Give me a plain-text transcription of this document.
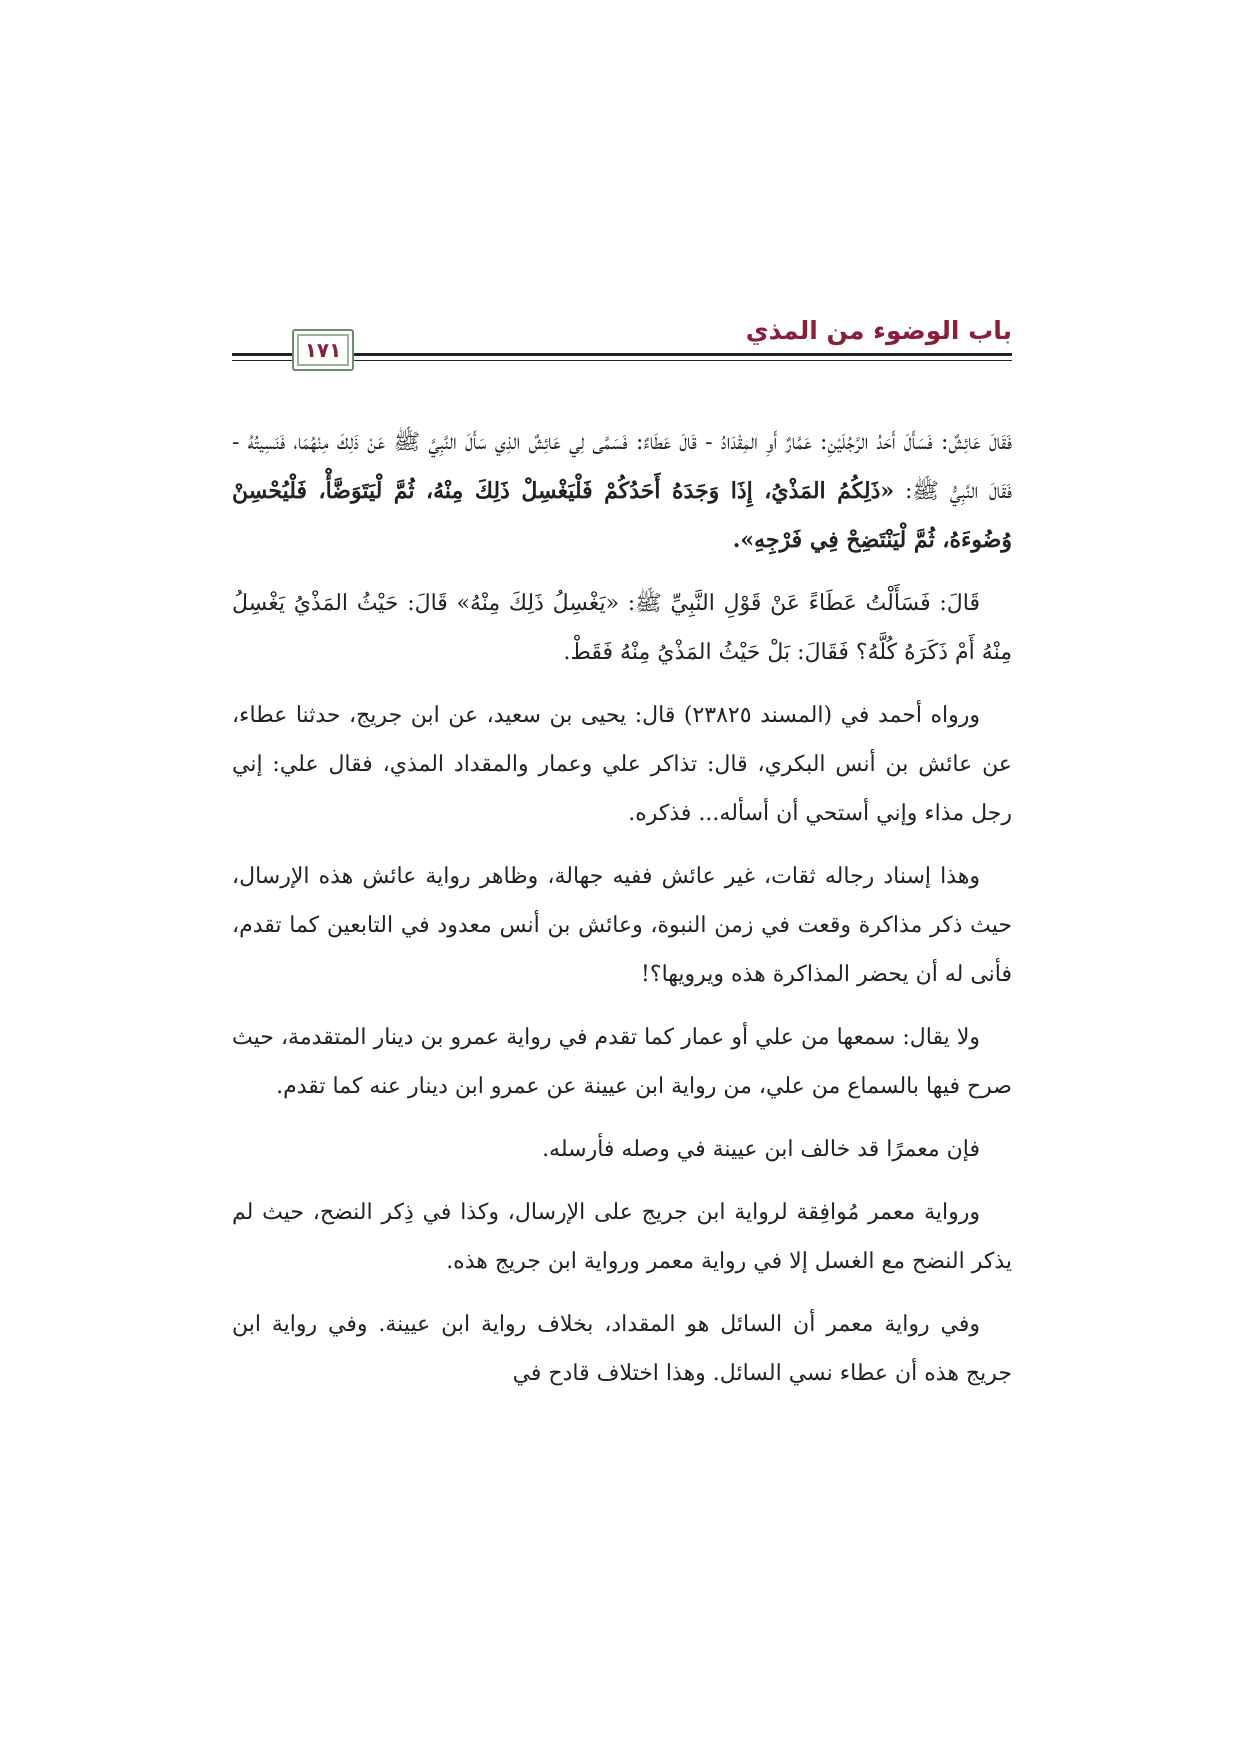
باب الوضوء من المذي
١٧١

فَقَالَ عَائِشٌ: فَسَأَلَ أَحَدُ الرَّجُلَيْنِ: عَمَّارٌ أَوِ المِقْدَادُ - قَالَ عَطَاءٌ: فَسَمَّى لِي عَائِشٌ الذِي سَأَلَ النَّبِيَّ ﷺ عَنْ ذَلِكَ مِنْهُمَا، فَنَسِيتُهُ - فَقَالَ النَّبِيُّ ﷺ: «ذَلِكُمُ المَذْيُ، إِذَا وَجَدَهُ أَحَدُكُمْ فَلْيَغْسِلْ ذَلِكَ مِنْهُ، ثُمَّ لْيَتَوَضَّأْ، فَلْيُحْسِنْ وُضُوءَهُ، ثُمَّ لْيَنْتَضِحْ فِي فَرْجِهِ».

قَالَ: فَسَأَلْتُ عَطَاءً عَنْ قَوْلِ النَّبِيِّ ﷺ: «يَغْسِلُ ذَلِكَ مِنْهُ» قَالَ: حَيْثُ المَذْيُ يَغْسِلُ مِنْهُ أَمْ ذَكَرَهُ كُلَّهُ؟ فَقَالَ: بَلْ حَيْثُ المَذْيُ مِنْهُ فَقَطْ.

ورواه أحمد في (المسند ٢٣٨٢٥) قال: يحيى بن سعيد، عن ابن جريج، حدثنا عطاء، عن عائش بن أنس البكري، قال: تذاكر علي وعمار والمقداد المذي، فقال علي: إني رجل مذاء وإني أستحي أن أسأله... فذكره.

وهذا إسناد رجاله ثقات، غير عائش ففيه جهالة، وظاهر رواية عائش هذه الإرسال، حيث ذكر مذاكرة وقعت في زمن النبوة، وعائش بن أنس معدود في التابعين كما تقدم، فأنى له أن يحضر المذاكرة هذه ويرويها؟!

ولا يقال: سمعها من علي أو عمار كما تقدم في رواية عمرو بن دينار المتقدمة، حيث صرح فيها بالسماع من علي، من رواية ابن عيينة عن عمرو ابن دينار عنه كما تقدم.

فإن معمرًا قد خالف ابن عيينة في وصله فأرسله.

ورواية معمر مُوافِقة لرواية ابن جريج على الإرسال، وكذا في ذِكر النضح، حيث لم يذكر النضح مع الغسل إلا في رواية معمر ورواية ابن جريج هذه.

وفي رواية معمر أن السائل هو المقداد، بخلاف رواية ابن عيينة. وفي رواية ابن جريج هذه أن عطاء نسي السائل. وهذا اختلاف قادح في
